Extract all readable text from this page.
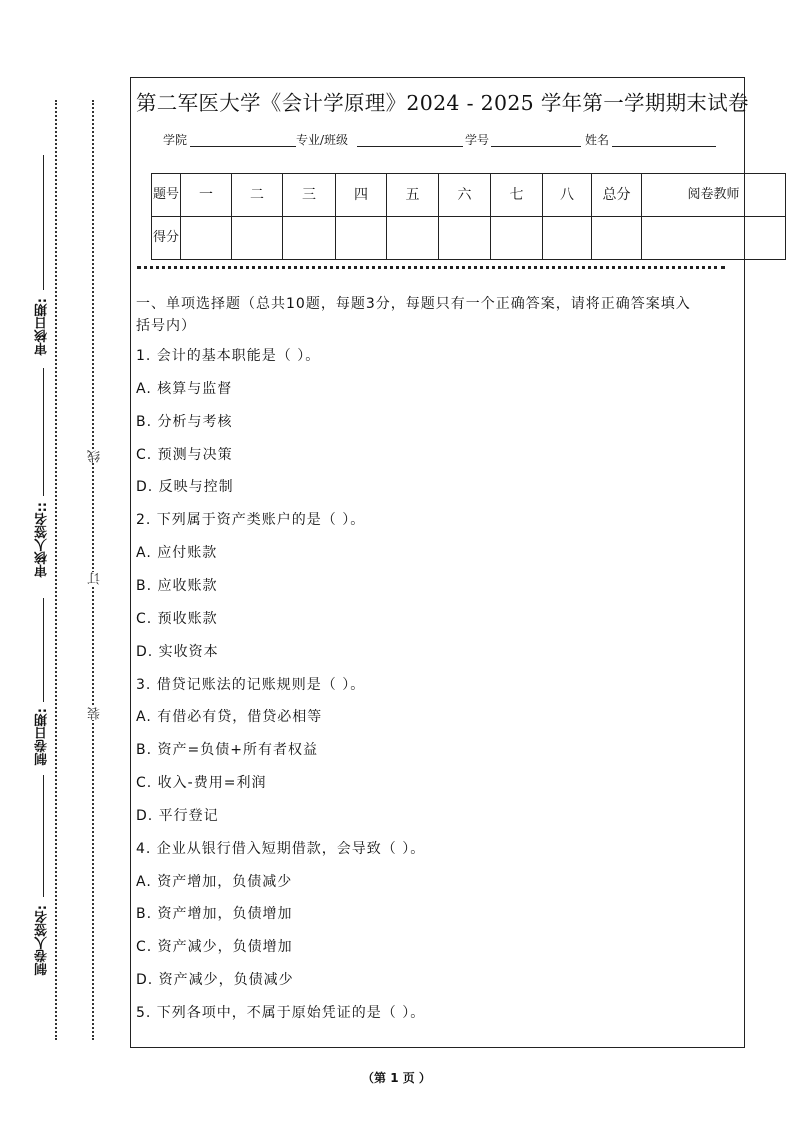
线
订
装
审核日期:
审核人签名::
制卷日期:
制卷人签名:
第二军医大学《会计学原理》2024 - 2025 学年第一学期期末试卷
学院	专业/班级	学号	姓名
题号	一	二	三	四	五	六	七	八	总分	阅卷教师
得分										
一、单项选择题（总共10题，每题3分，每题只有一个正确答案，请将正确答案填入
括号内）
1. 会计的基本职能是（ ）。
A. 核算与监督
B. 分析与考核
C. 预测与决策
D. 反映与控制
2. 下列属于资产类账户的是（ ）。
A. 应付账款
B. 应收账款
C. 预收账款
D. 实收资本
3. 借贷记账法的记账规则是（ ）。
A. 有借必有贷，借贷必相等
B. 资产=负债+所有者权益
C. 收入-费用=利润
D. 平行登记
4. 企业从银行借入短期借款，会导致（ ）。
A. 资产增加，负债减少
B. 资产增加，负债增加
C. 资产减少，负债增加
D. 资产减少，负债减少
5. 下列各项中，不属于原始凭证的是（ ）。
（第 1 页 ）
